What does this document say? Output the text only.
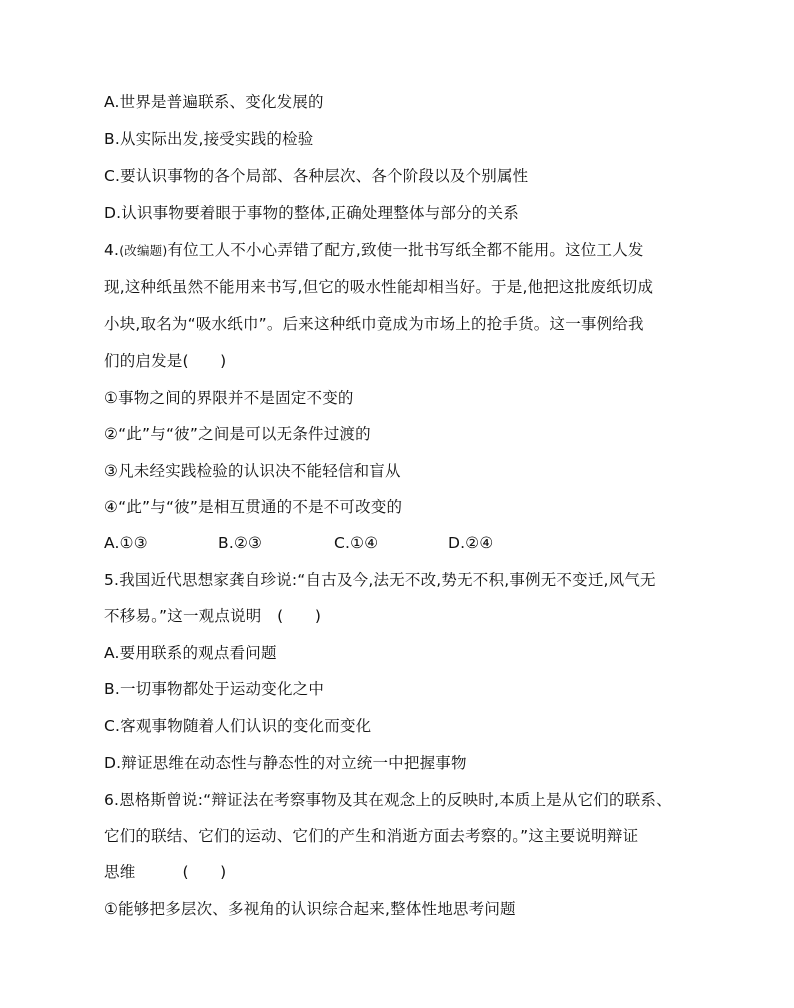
A.世界是普遍联系、变化发展的
B.从实际出发,接受实践的检验
C.要认识事物的各个局部、各种层次、各个阶段以及个别属性
D.认识事物要着眼于事物的整体,正确处理整体与部分的关系
4.(改编题)有位工人不小心弄错了配方,致使一批书写纸全都不能用。这位工人发
现,这种纸虽然不能用来书写,但它的吸水性能却相当好。于是,他把这批废纸切成
小块,取名为“吸水纸巾”。后来这种纸巾竟成为市场上的抢手货。这一事例给我
们的启发是(　　)
①事物之间的界限并不是固定不变的
②“此”与“彼”之间是可以无条件过渡的
③凡未经实践检验的认识决不能轻信和盲从
④“此”与“彼”是相互贯通的不是不可改变的
A.①③	B.②③	C.①④	D.②④
5.我国近代思想家龚自珍说:“自古及今,法无不改,势无不积,事例无不变迁,风气无
不移易。”这一观点说明　(　　)
A.要用联系的观点看问题
B.一切事物都处于运动变化之中
C.客观事物随着人们认识的变化而变化
D.辩证思维在动态性与静态性的对立统一中把握事物
6.恩格斯曾说:“辩证法在考察事物及其在观念上的反映时,本质上是从它们的联系、
它们的联结、它们的运动、它们的产生和消逝方面去考察的。”这主要说明辩证
思维　　　(　　)
①能够把多层次、多视角的认识综合起来,整体性地思考问题
